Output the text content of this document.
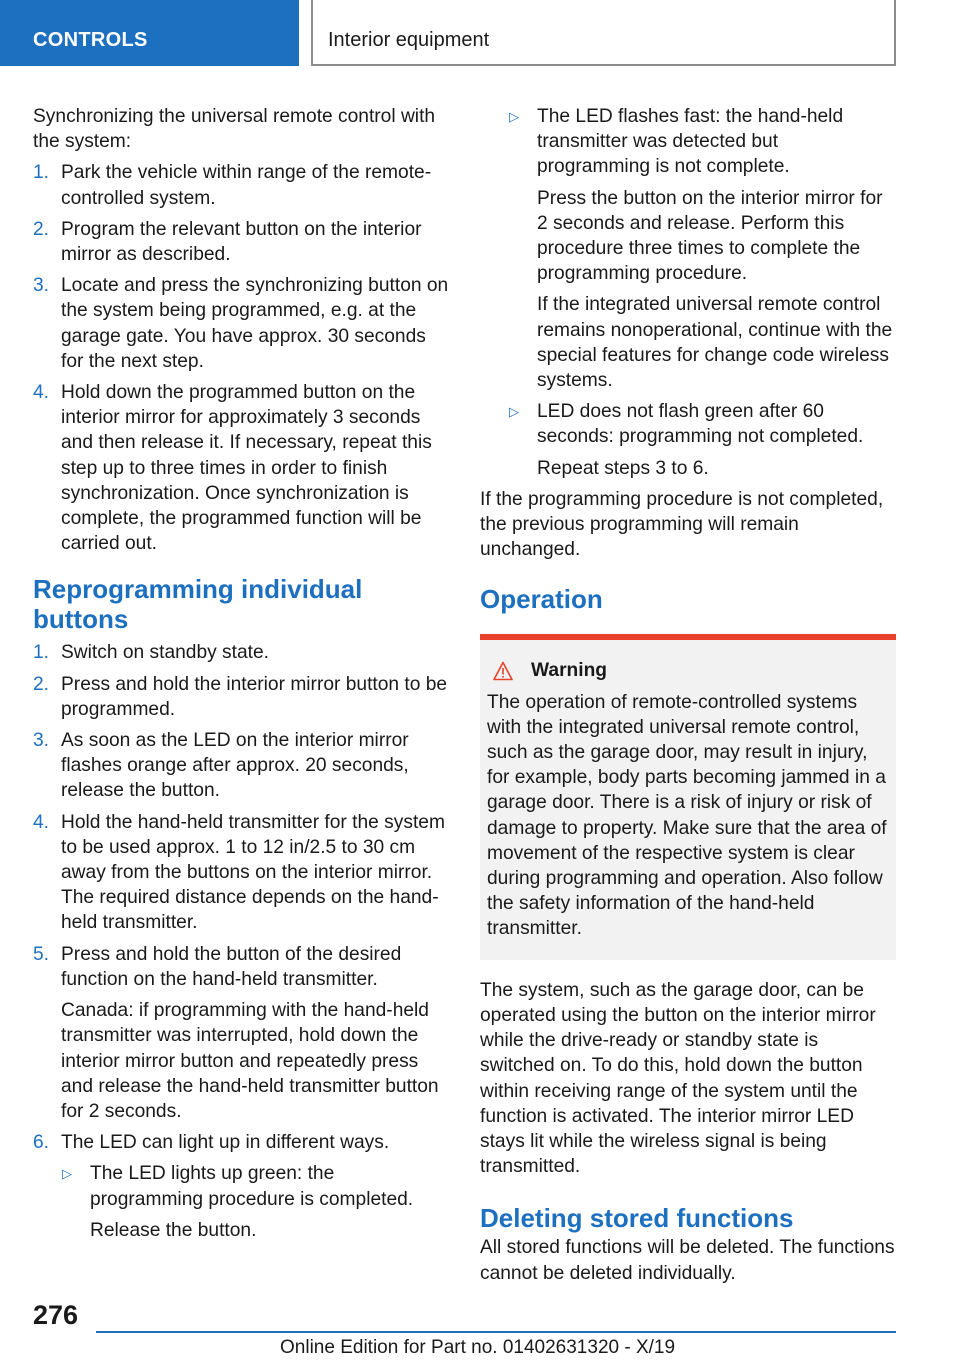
CONTROLS	Interior equipment

Synchronizing the universal remote control with the system:

1. Park the vehicle within range of the remote-controlled system.
2. Program the relevant button on the interior mirror as described.
3. Locate and press the synchronizing button on the system being programmed, e.g. at the garage gate. You have approx. 30 seconds for the next step.
4. Hold down the programmed button on the interior mirror for approximately 3 seconds and then release it. If necessary, repeat this step up to three times in order to finish synchronization. Once synchronization is complete, the programmed function will be carried out.
Reprogramming individual buttons
1. Switch on standby state.
2. Press and hold the interior mirror button to be programmed.
3. As soon as the LED on the interior mirror flashes orange after approx. 20 seconds, release the button.
4. Hold the hand-held transmitter for the system to be used approx. 1 to 12 in/2.5 to 30 cm away from the buttons on the interior mirror. The required distance depends on the hand-held transmitter.
5. Press and hold the button of the desired function on the hand-held transmitter.
Canada: if programming with the hand-held transmitter was interrupted, hold down the interior mirror button and repeatedly press and release the hand-held transmitter button for 2 seconds.
6. The LED can light up in different ways.
▷ The LED lights up green: the programming procedure is completed.
Release the button.
▷ The LED flashes fast: the hand-held transmitter was detected but programming is not complete.
Press the button on the interior mirror for 2 seconds and release. Perform this procedure three times to complete the programming procedure.
If the integrated universal remote control remains nonoperational, continue with the special features for change code wireless systems.
▷ LED does not flash green after 60 seconds: programming not completed.
Repeat steps 3 to 6.

If the programming procedure is not completed, the previous programming will remain unchanged.

Operation
Warning
The operation of remote-controlled systems with the integrated universal remote control, such as the garage door, may result in injury, for example, body parts becoming jammed in a garage door. There is a risk of injury or risk of damage to property. Make sure that the area of movement of the respective system is clear during programming and operation. Also follow the safety information of the hand-held transmitter.

The system, such as the garage door, can be operated using the button on the interior mirror while the drive-ready or standby state is switched on. To do this, hold down the button within receiving range of the system until the function is activated. The interior mirror LED stays lit while the wireless signal is being transmitted.

Deleting stored functions

All stored functions will be deleted. The functions cannot be deleted individually.

276
Online Edition for Part no. 01402631320 - X/19
